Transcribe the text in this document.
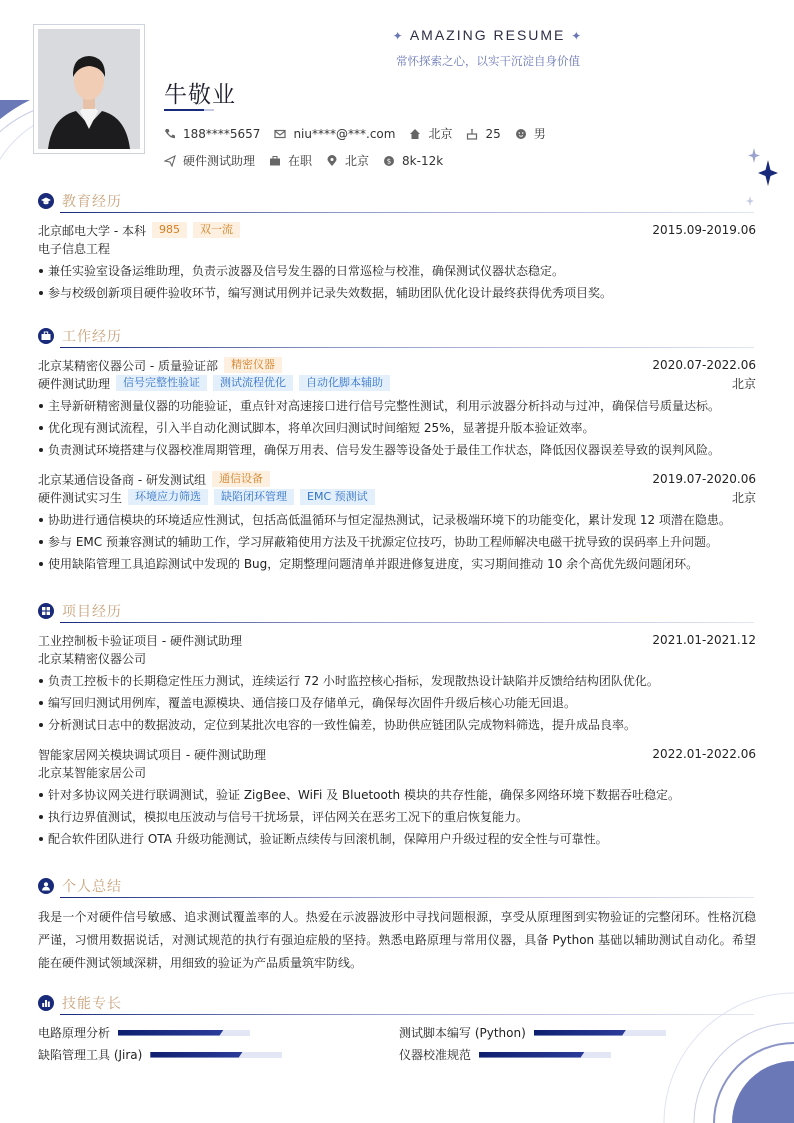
✦ AMAZING RESUME ✦
常怀探索之心，以实干沉淀自身价值
牛敬业
188****5657	niu****@***.com	北京	25	男
硬件测试助理	在职	北京	$ 8k-12k
教育经历
北京邮电大学 - 本科	985	双一流	2015.09-2019.06
电子信息工程
兼任实验室设备运维助理，负责示波器及信号发生器的日常巡检与校准，确保测试仪器状态稳定。
参与校级创新项目硬件验收环节，编写测试用例并记录失效数据，辅助团队优化设计最终获得优秀项目奖。
工作经历
北京某精密仪器公司 - 质量验证部	精密仪器	2020.07-2022.06
硬件测试助理	信号完整性验证	测试流程优化	自动化脚本辅助	北京
主导新研精密测量仪器的功能验证，重点针对高速接口进行信号完整性测试，利用示波器分析抖动与过冲，确保信号质量达标。
优化现有测试流程，引入半自动化测试脚本，将单次回归测试时间缩短 25%，显著提升版本验证效率。
负责测试环境搭建与仪器校准周期管理，确保万用表、信号发生器等设备处于最佳工作状态，降低因仪器误差导致的误判风险。
北京某通信设备商 - 研发测试组	通信设备	2019.07-2020.06
硬件测试实习生	环境应力筛选	缺陷闭环管理	EMC 预测试	北京
协助进行通信模块的环境适应性测试，包括高低温循环与恒定湿热测试，记录极端环境下的功能变化，累计发现 12 项潜在隐患。
参与 EMC 预兼容测试的辅助工作，学习屏蔽箱使用方法及干扰源定位技巧，协助工程师解决电磁干扰导致的误码率上升问题。
使用缺陷管理工具追踪测试中发现的 Bug，定期整理问题清单并跟进修复进度，实习期间推动 10 余个高优先级问题闭环。
项目经历
工业控制板卡验证项目 - 硬件测试助理	2021.01-2021.12
北京某精密仪器公司
负责工控板卡的长期稳定性压力测试，连续运行 72 小时监控核心指标，发现散热设计缺陷并反馈给结构团队优化。
编写回归测试用例库，覆盖电源模块、通信接口及存储单元，确保每次固件升级后核心功能无回退。
分析测试日志中的数据波动，定位到某批次电容的一致性偏差，协助供应链团队完成物料筛选，提升成品良率。
智能家居网关模块调试项目 - 硬件测试助理	2022.01-2022.06
北京某智能家居公司
针对多协议网关进行联调测试，验证 ZigBee、WiFi 及 Bluetooth 模块的共存性能，确保多网络环境下数据吞吐稳定。
执行边界值测试，模拟电压波动与信号干扰场景，评估网关在恶劣工况下的重启恢复能力。
配合软件团队进行 OTA 升级功能测试，验证断点续传与回滚机制，保障用户升级过程的安全性与可靠性。
个人总结
我是一个对硬件信号敏感、追求测试覆盖率的人。热爱在示波器波形中寻找问题根源，享受从原理图到实物验证的完整闭环。性格沉稳严谨，习惯用数据说话，对测试规范的执行有强迫症般的坚持。熟悉电路原理与常用仪器，具备 Python 基础以辅助测试自动化。希望能在硬件测试领域深耕，用细致的验证为产品质量筑牢防线。
技能专长
电路原理分析	测试脚本编写 (Python)
缺陷管理工具 (Jira)	仪器校准规范
